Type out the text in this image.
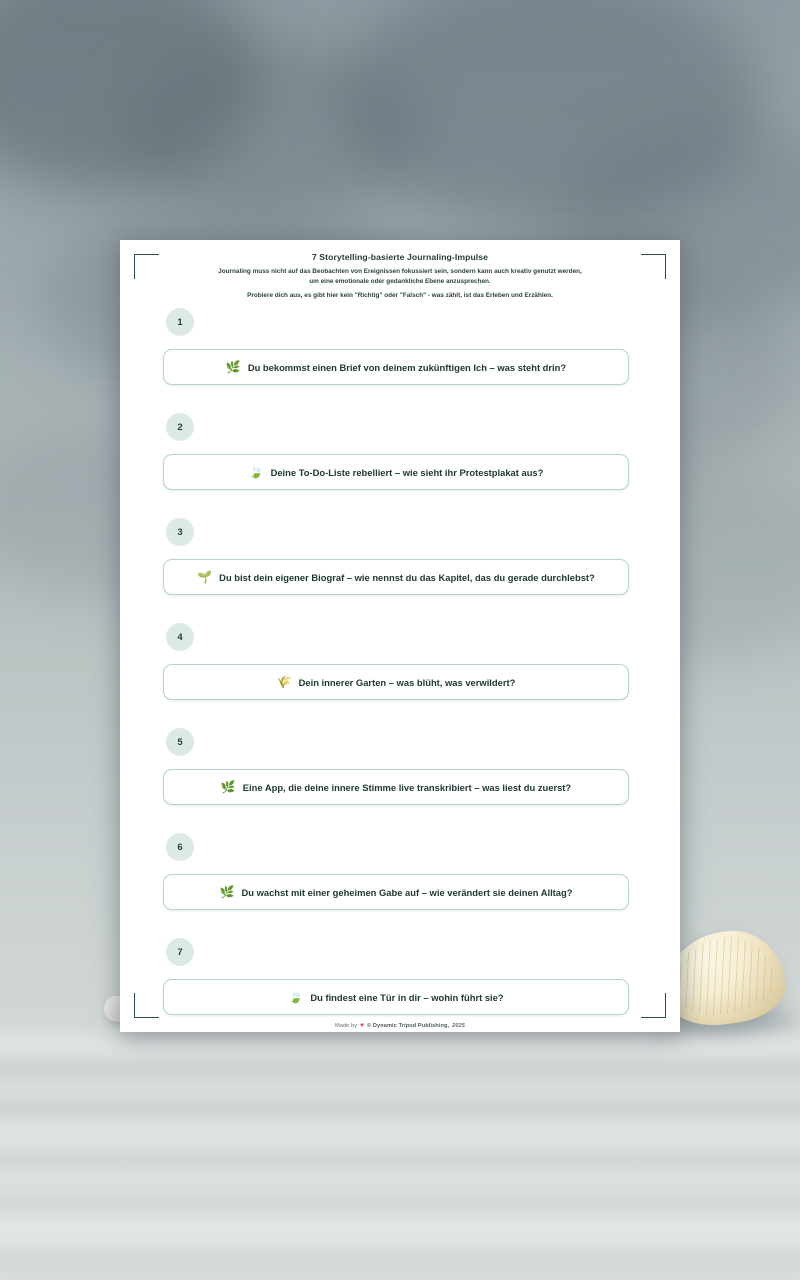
7 Storytelling-basierte Journaling-Impulse
Journaling muss nicht auf das Beobachten von Ereignissen fokussiert sein, sondern kann auch kreativ genutzt werden,
um eine emotionale oder gedankliche Ebene anzusprechen.
Probiere dich aus, es gibt hier kein "Richtig" oder "Falsch" - was zählt, ist das Erleben und Erzählen.
1
🌿 Du bekommst einen Brief von deinem zukünftigen Ich – was steht drin?
2
🍃 Deine To-Do-Liste rebelliert – wie sieht ihr Protestplakat aus?
3
🌱 Du bist dein eigener Biograf – wie nennst du das Kapitel, das du gerade durchlebst?
4
🌾 Dein innerer Garten – was blüht, was verwildert?
5
🌿 Eine App, die deine innere Stimme live transkribiert – was liest du zuerst?
6
🌿 Du wachst mit einer geheimen Gabe auf – wie verändert sie deinen Alltag?
7
🍃 Du findest eine Tür in dir – wohin führt sie?
Made by ♥ © Dynamic Tripod Publishing, 2025
